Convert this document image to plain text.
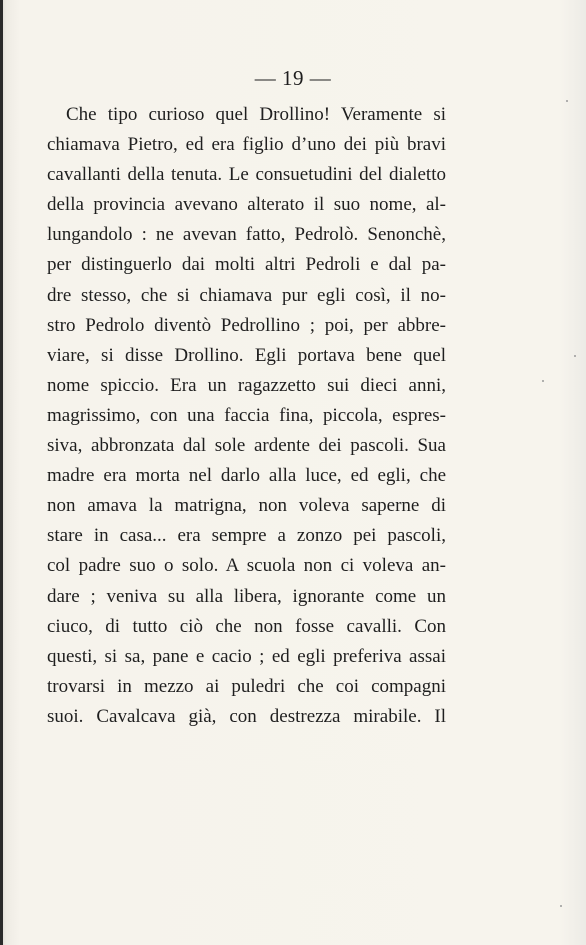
— 19 —
Che tipo curioso quel Drollino! Veramente si
chiamava Pietro, ed era figlio d’uno dei più bravi
cavallanti della tenuta. Le consuetudini del dialetto
della provincia avevano alterato il suo nome, al-
lungandolo : ne avevan fatto, Pedrolò. Senonchè,
per distinguerlo dai molti altri Pedroli e dal pa-
dre stesso, che si chiamava pur egli così, il no-
stro Pedrolo diventò Pedrollino ; poi, per abbre-
viare, si disse Drollino. Egli portava bene quel
nome spiccio. Era un ragazzetto sui dieci anni,
magrissimo, con una faccia fina, piccola, espres-
siva, abbronzata dal sole ardente dei pascoli. Sua
madre era morta nel darlo alla luce, ed egli, che
non amava la matrigna, non voleva saperne di
stare in casa... era sempre a zonzo pei pascoli,
col padre suo o solo. A scuola non ci voleva an-
dare ; veniva su alla libera, ignorante come un
ciuco, di tutto ciò che non fosse cavalli. Con
questi, si sa, pane e cacio ; ed egli preferiva assai
trovarsi in mezzo ai puledri che coi compagni
suoi. Cavalcava già, con destrezza mirabile. Il
